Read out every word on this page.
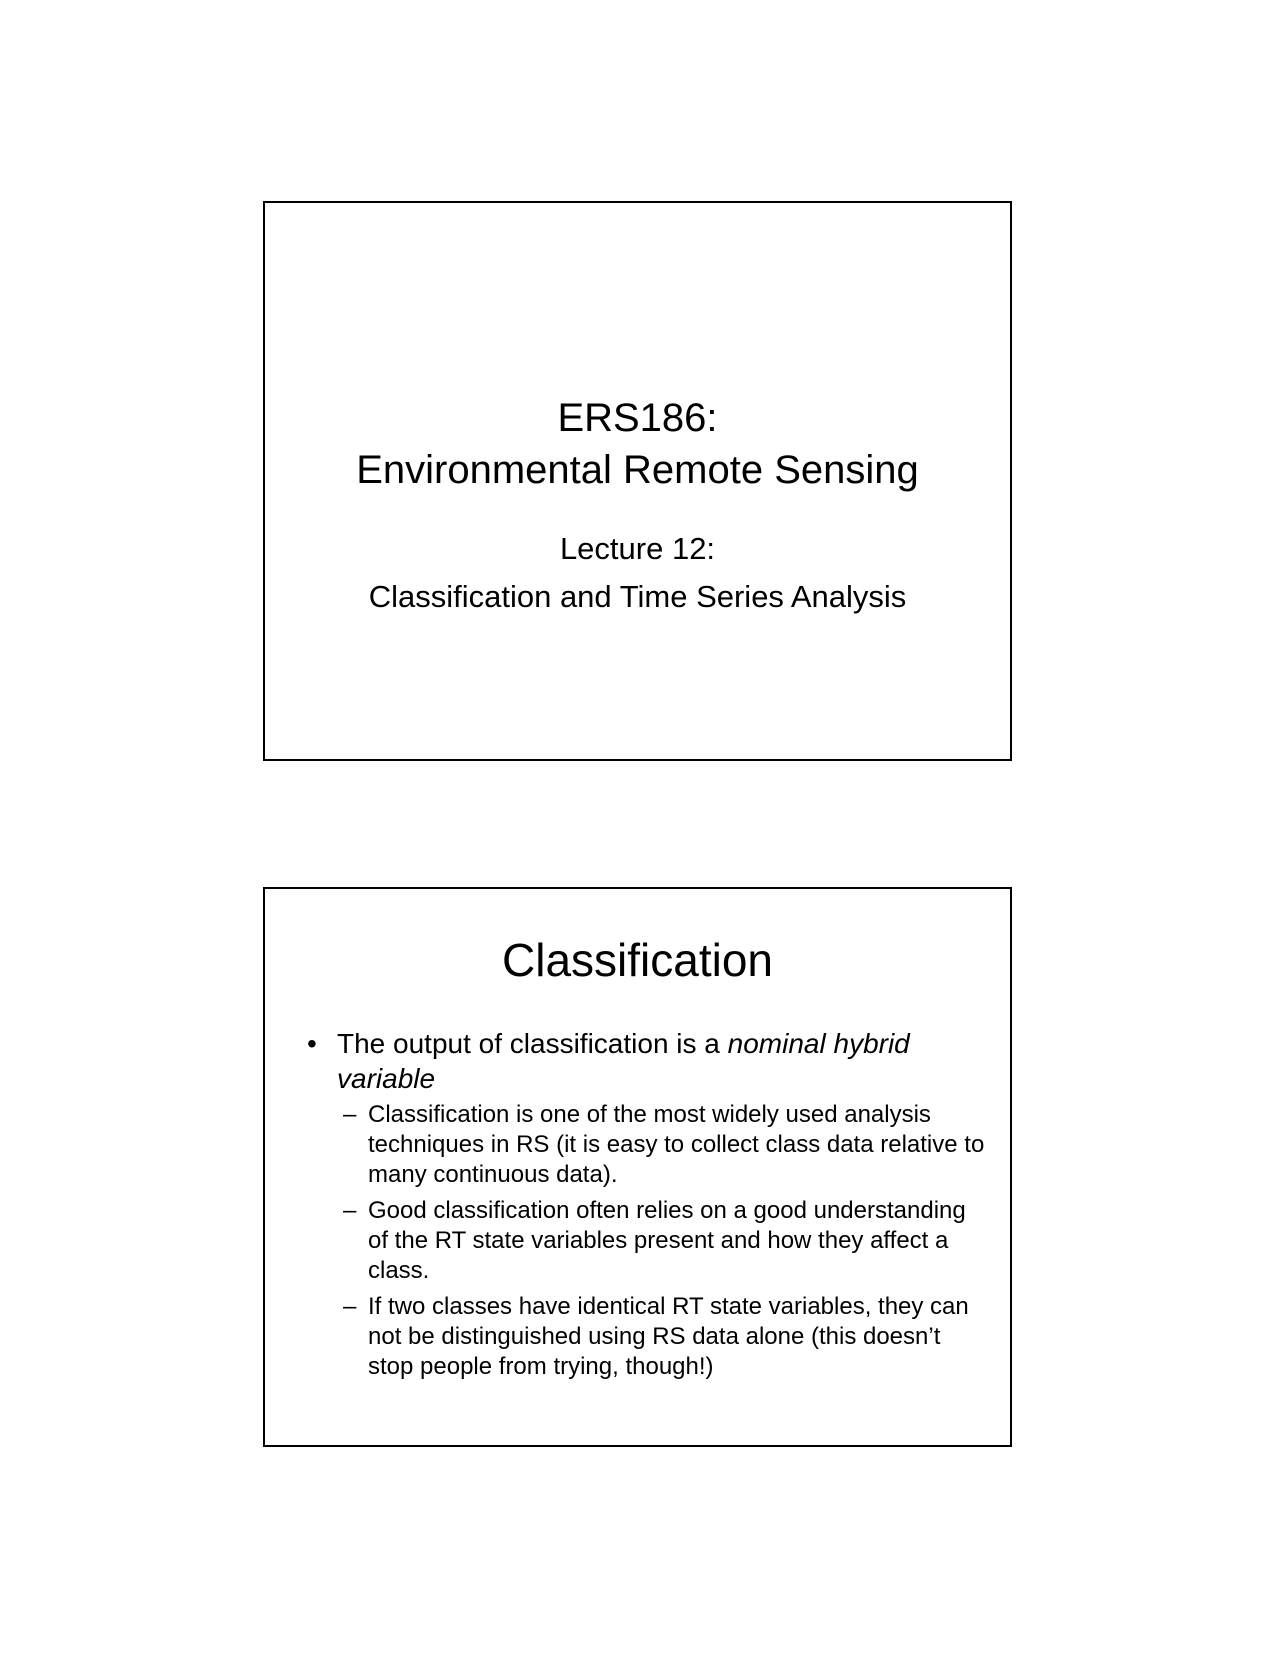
ERS186:
Environmental Remote Sensing
Lecture 12:
Classification and Time Series Analysis
Classification
• The output of classification is a nominal hybrid variable
– Classification is one of the most widely used analysis techniques in RS (it is easy to collect class data relative to many continuous data).
– Good classification often relies on a good understanding of the RT state variables present and how they affect a class.
– If two classes have identical RT state variables, they can not be distinguished using RS data alone (this doesn’t stop people from trying, though!)
